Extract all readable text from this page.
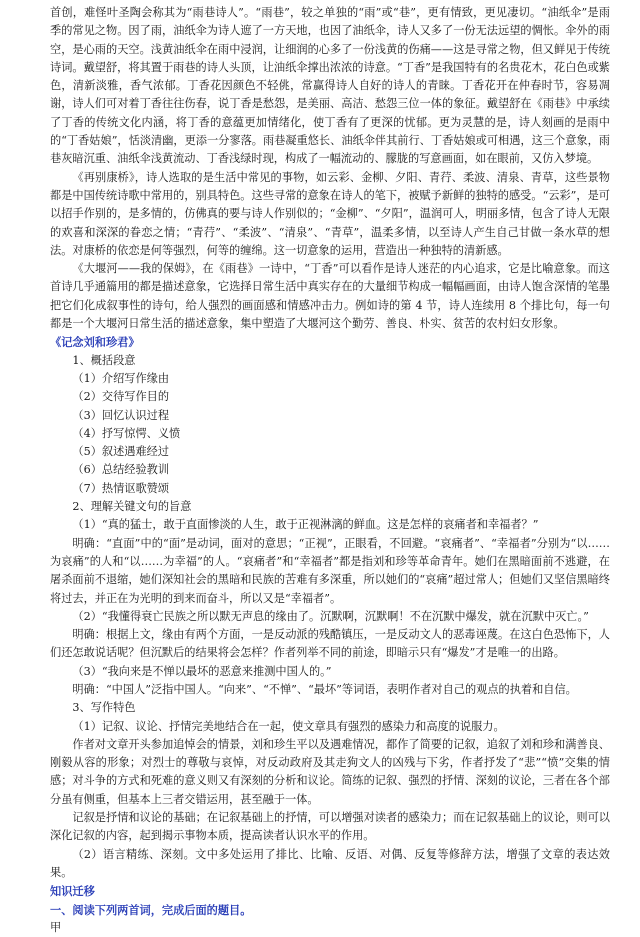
首创，难怪叶圣陶会称其为“雨巷诗人”。“雨巷”，较之单独的“雨”或“巷”，更有情致，更见凄切。“油纸伞”是雨季的常见之物。因了雨，油纸伞为诗人遮了一方天地，也因了油纸伞，诗人又多了一份无法远望的惆怅。伞外的雨空，是心雨的天空。浅黄油纸伞在雨中浸润，让细润的心多了一份浅黄的伤痛——这是寻常之物，但又鲜见于传统诗词。戴望舒，将其置于雨巷的诗人头顶，让油纸伞撑出浓浓的诗意。“丁香”是我国特有的名贵花木，花白色或紫色，清新淡雅，香气浓郁。丁香花因颜色不轻佻，常赢得诗人自好的诗人的青睐。丁香花开在仲春时节，容易凋谢，诗人们可对着丁香往往伤春，说丁香是愁怨，是美丽、高洁、愁怨三位一体的象征。戴望舒在《雨巷》中承续了丁香的传统文化内涵，将丁香的意蕴更加情绪化，使丁香有了更深的忧郁。更为灵慧的是，诗人刻画的是雨中的“丁香姑娘”，恬淡清幽，更添一分寥落。雨巷凝重悠长、油纸伞伴其前行、丁香姑娘或可相遇，这三个意象，雨巷灰暗沉重、油纸伞浅黄流动、丁香浅绿时现，构成了一幅流动的、朦胧的写意画面，如在眼前，又仿入梦境。

《再别康桥》，诗人选取的是生活中常见的事物，如云彩、金柳、夕阳、青荇、柔波、清泉、青草，这些景物都是中国传统诗歌中常用的，别具特色。这些寻常的意象在诗人的笔下，被赋予新鲜的独特的感受。“云彩”，是可以招手作别的，是多情的，仿佛真的要与诗人作别似的；“金柳”、“夕阳”，温润可人，明丽多情，包含了诗人无限的欢喜和深深的眷恋之情；“青荇”、“柔波”、“清泉”、“青草”，温柔多情，以至诗人产生自己甘做一条水草的想法。对康桥的依恋是何等强烈，何等的缠绵。这一切意象的运用，营造出一种独特的清新感。

《大堰河——我的保姆》，在《雨巷》一诗中，“丁香”可以看作是诗人迷茫的内心追求，它是比喻意象。而这首诗几乎通篇用的都是描述意象，它选择日常生活中真实存在的大量细节构成一幅幅画面，由诗人饱含深情的笔墨把它们化成叙事性的诗句，给人强烈的画面感和情感冲击力。例如诗的第 4 节，诗人连续用 8 个排比句，每一句都是一个大堰河日常生活的描述意象，集中塑造了大堰河这个勤劳、善良、朴实、贫苦的农村妇女形象。

《记念刘和珍君》

1、概括段意

（1）介绍写作缘由

（2）交待写作目的

（3）回忆认识过程

（4）抒写惊愕、义愤

（5）叙述遇难经过

（6）总结经验教训

（7）热情讴歌赞颂

2、理解关键文句的旨意

（1）“真的猛士，敢于直面惨淡的人生，敢于正视淋漓的鲜血。这是怎样的哀痛者和幸福者？”

明确：“直面”中的“面”是动词，面对的意思；“正视”，正眼看，不回避。“哀痛者”、“幸福者”分别为“以……为哀痛”的人和“以……为幸福”的人。“哀痛者”和“幸福者”都是指刘和珍等革命青年。她们在黑暗面前不逃避，在屠杀面前不退缩，她们深知社会的黑暗和民族的苦难有多深重，所以她们的“哀痛”超过常人；但她们又坚信黑暗终将过去，并正在为光明的到来而奋斗，所以又是“幸福者”。

（2）“我懂得衰亡民族之所以默无声息的缘由了。沉默啊，沉默啊！不在沉默中爆发，就在沉默中灭亡。”

明确：根据上文，缘由有两个方面，一是反动派的残酷镇压，一是反动文人的恶毒诬蔑。在这白色恐怖下，人们还怎敢说话呢？但沉默后的结果将会怎样？作者列举不同的前途，即暗示只有“爆发”才是唯一的出路。

（3）“我向来是不惮以最坏的恶意来推测中国人的。”

明确：“中国人”泛指中国人。“向来”、“不惮”、“最坏”等词语，表明作者对自己的观点的执着和自信。

3、写作特色

（1）记叙、议论、抒情完美地结合在一起，使文章具有强烈的感染力和高度的说服力。

作者对文章开头参加追悼会的情景，刘和珍生平以及遇难情况，都作了简要的记叙，追叙了刘和珍和满善良、刚毅从容的形象；对烈士的尊敬与哀悼，对反动政府及其走狗文人的凶残与下劣，作者抒发了“悲”“愤”交集的情感；对斗争的方式和死难的意义则又有深刻的分析和议论。简练的记叙、强烈的抒情、深刻的议论，三者在各个部分虽有侧重，但基本上三者交错运用，甚至融于一体。

记叙是抒情和议论的基础；在记叙基础上的抒情，可以增强对读者的感染力；而在记叙基础上的议论，则可以深化记叙的内容，起到揭示事物本质，提高读者认识水平的作用。

（2）语言精练、深刻。文中多处运用了排比、比喻、反语、对偶、反复等修辞方法，增强了文章的表达效果。

知识迁移

一、阅读下列两首词，完成后面的题目。

甲
